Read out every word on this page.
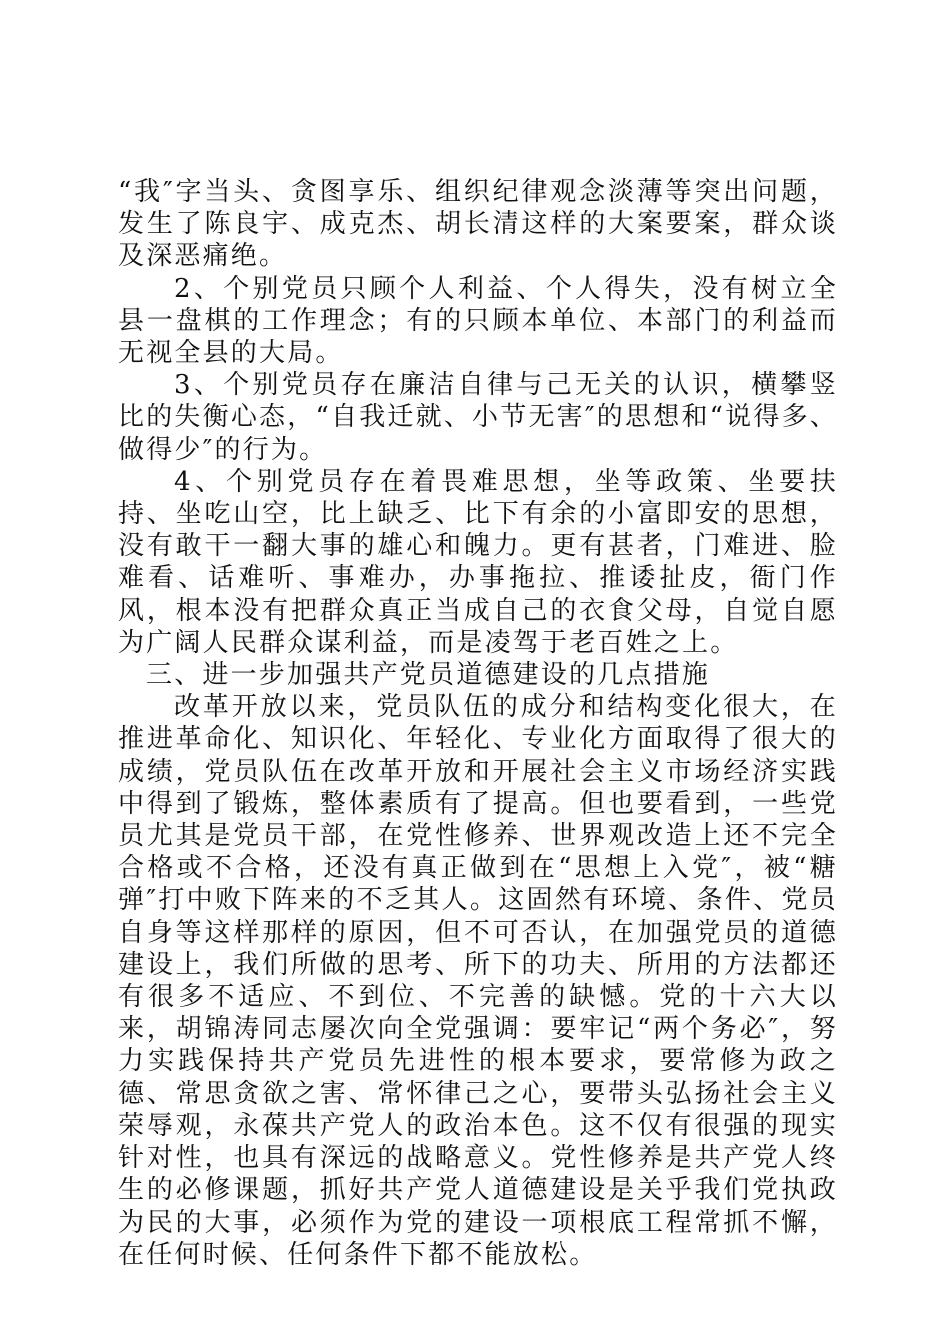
“我″字当头、贪图享乐、组织纪律观念淡薄等突出问题，发生了陈良宇、成克杰、胡长清这样的大案要案，群众谈及深恶痛绝。

2、个别党员只顾个人利益、个人得失，没有树立全县一盘棋的工作理念；有的只顾本单位、本部门的利益而无视全县的大局。

3、个别党员存在廉洁自律与己无关的认识，横攀竖比的失衡心态，“自我迁就、小节无害″的思想和“说得多、做得少″的行为。

4、个别党员存在着畏难思想，坐等政策、坐要扶持、坐吃山空，比上缺乏、比下有余的小富即安的思想，没有敢干一翻大事的雄心和魄力。更有甚者，门难进、脸难看、话难听、事难办，办事拖拉、推诿扯皮，衙门作风，根本没有把群众真正当成自己的衣食父母，自觉自愿为广阔人民群众谋利益，而是凌驾于老百姓之上。

三、进一步加强共产党员道德建设的几点措施

改革开放以来，党员队伍的成分和结构变化很大，在推进革命化、知识化、年轻化、专业化方面取得了很大的成绩，党员队伍在改革开放和开展社会主义市场经济实践中得到了锻炼，整体素质有了提高。但也要看到，一些党员尤其是党员干部，在党性修养、世界观改造上还不完全合格或不合格，还没有真正做到在“思想上入党″，被“糖弹″打中败下阵来的不乏其人。这固然有环境、条件、党员自身等这样那样的原因，但不可否认，在加强党员的道德建设上，我们所做的思考、所下的功夫、所用的方法都还有很多不适应、不到位、不完善的缺憾。党的十六大以来，胡锦涛同志屡次向全党强调：要牢记“两个务必″，努力实践保持共产党员先进性的根本要求，要常修为政之德、常思贪欲之害、常怀律己之心，要带头弘扬社会主义荣辱观，永葆共产党人的政治本色。这不仅有很强的现实针对性，也具有深远的战略意义。党性修养是共产党人终生的必修课题，抓好共产党人道德建设是关乎我们党执政为民的大事，必须作为党的建设一项根底工程常抓不懈，在任何时候、任何条件下都不能放松。
